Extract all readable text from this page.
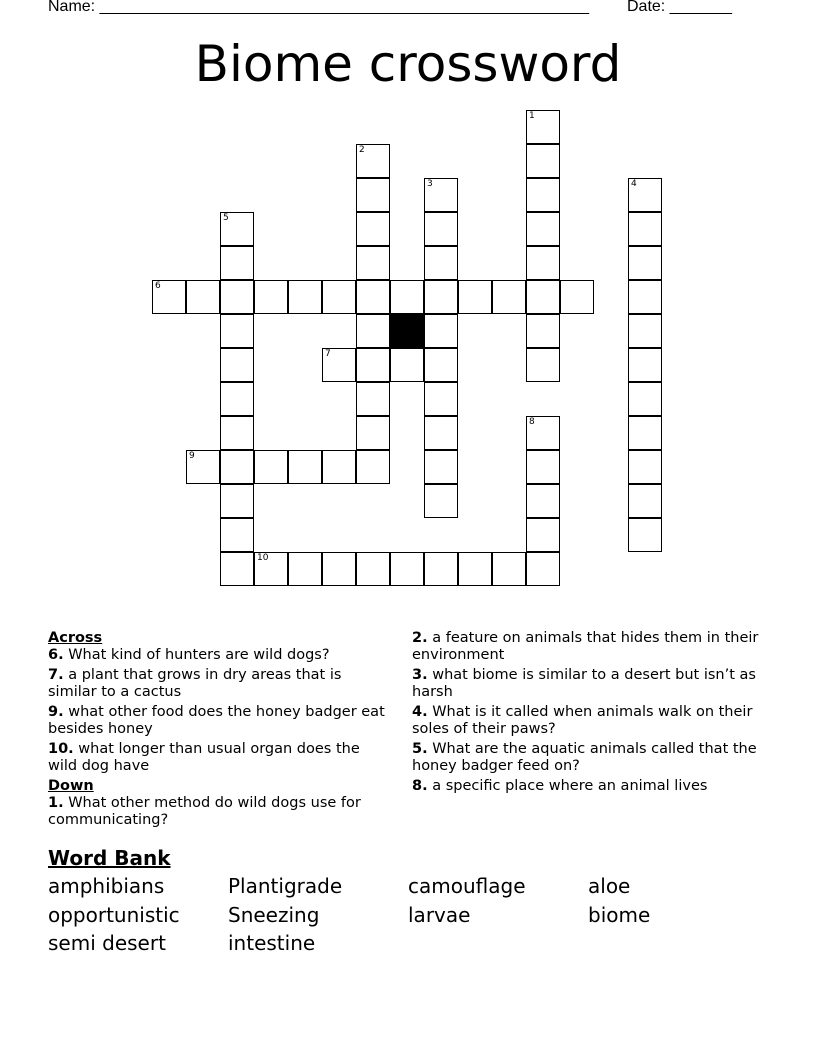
Name: _______________________________________________________ Date: _______
Biome crossword
1
2
3	4
5
6
7
8
9
10
Across
6. What kind of hunters are wild dogs?
7. a plant that grows in dry areas that is similar to a cactus
9. what other food does the honey badger eat besides honey
10. what longer than usual organ does the wild dog have
Down
1. What other method do wild dogs use for communicating?
2. a feature on animals that hides them in their environment
3. what biome is similar to a desert but isn’t as harsh
4. What is it called when animals walk on their soles of their paws?
5. What are the aquatic animals called that the honey badger feed on?
8. a specific place where an animal lives
Word Bank
amphibians	Plantigrade	camouflage	aloe
opportunistic Sneezing	larvae	biome
semi desert	intestine
